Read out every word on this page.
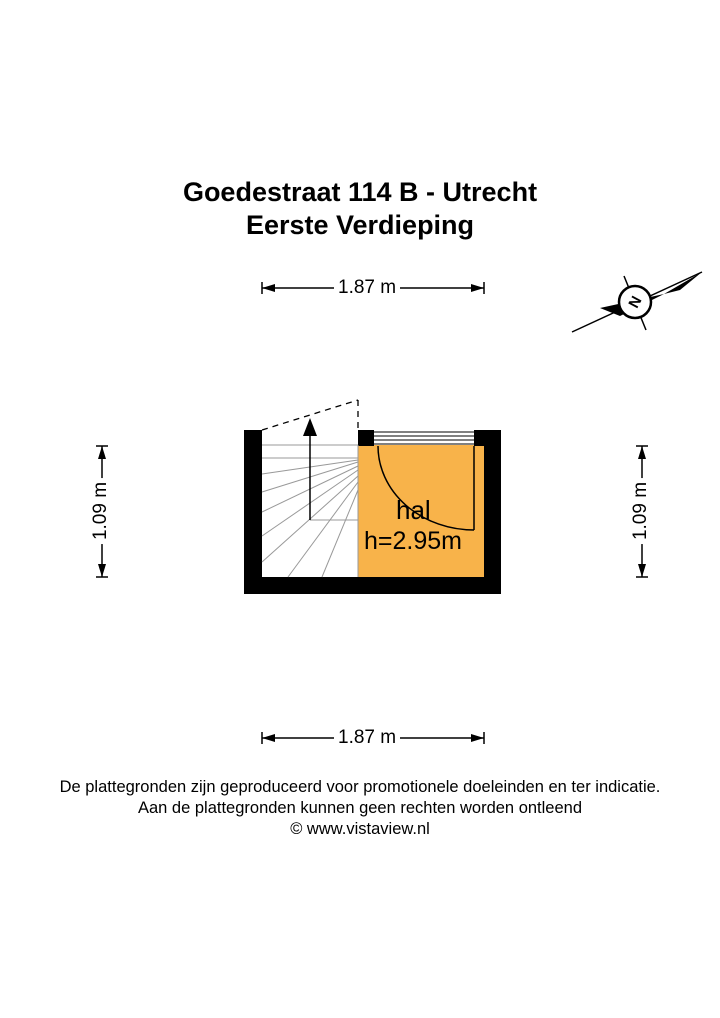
Goedestraat 114 B - Utrecht
Eerste Verdieping
1.87 m
1.87 m
1.09 m	1.09 m
hal
h=2.95m
N
De plattegronden zijn geproduceerd voor promotionele doeleinden en ter indicatie.
Aan de plattegronden kunnen geen rechten worden ontleend
© www.vistaview.nl
